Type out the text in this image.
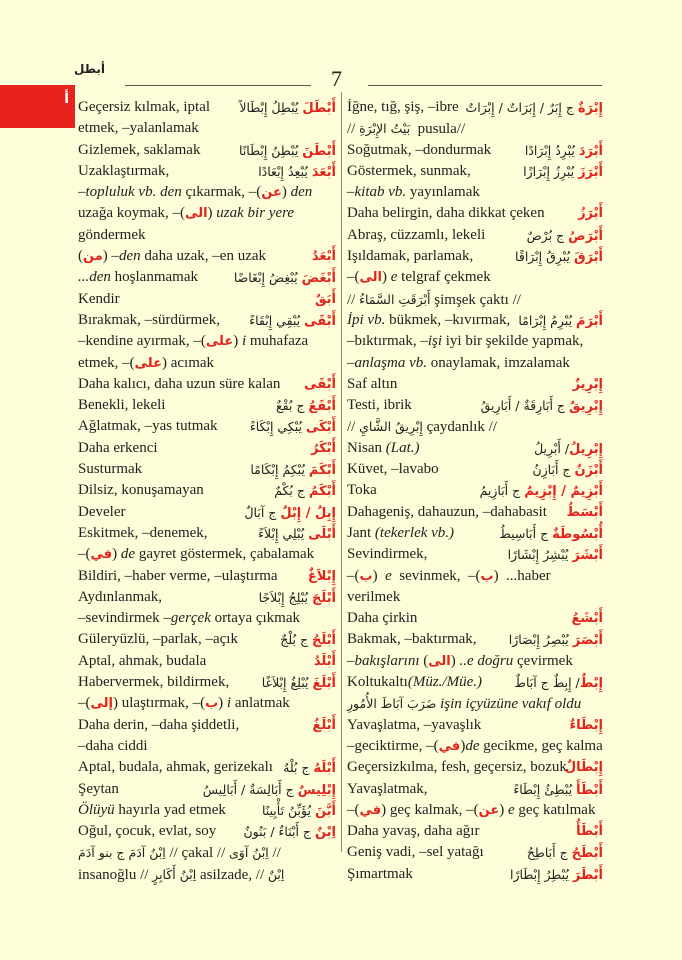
أبطل	7
أ Geçersiz kılmak, iptal	أَبْطَلَ يُبْطِلُ إِبْطَالاً
etmek, –yalanlamak
Gizlemek, saklamak	أَبْطَنَ يُبْطِنُ إِبْطَانًا
Uzaklaştırmak,	أَبْعَدَ يُبْعِدُ إِبْعَادًا
–topluluk vb. den çıkarmak, –(عن) den
uzağa koymak, –(الى) uzak bir yere
göndermek
(من) –den daha uzak, –en uzak	أَبْعَدُ
...den hoşlanmamak	أَبْغَضَ يُبْغِضُ إِبْغَاضًا
Kendir	أَبَقٌ
Bırakmak, –sürdürmek,	أَبْقَى يُبْقِي إِبْقَاءً
–kendine ayırmak, –(على) i muhafaza
etmek, –(على) acımak
Daha kalıcı, daha uzun süre kalan أَبْقَى
Benekli, lekeli	أَبْقَعُ ج بُقْعٌ
Ağlatmak, –yas tutmak	أَبْكَى يُبْكِي إِبْكَاءً
Daha erkenci	أَبْكَرُ
Susturmak	أَبْكَمَ يُبْكِمُ إِبْكَامًا
Dilsiz, konuşamayan	أَبْكَمُ ج بُكْمٌ
Develer	إِبِلٌ / إِبْلٌ ج آبَالٌ
Eskitmek, –denemek,	أَبْلَى يُبْلِي إِبْلاَءً
–(في) de gayret göstermek, çabalamak
Bildiri, –haber verme, –ulaştırma إِبْلاَغٌ
Aydınlanmak,	أَبْلَجَ يُبْلِجُ إِبْلاَجًا
–sevindirmek –gerçek ortaya çıkmak
Güleryüzlü, –parlak, –açık	أَبْلَجُ ج بُلْجٌ
Aptal, ahmak, budala	أَبْلَدُ
Habervermek, bildirmek,	أَبْلَغَ يُبْلِغُ إِبْلاَغًا
–(إلى) ulaştırmak, –(ب) i anlatmak
Daha derin, –daha şiddetli,	أَبْلَغُ
–daha ciddi
Aptal, budala, ahmak, gerizekalı	أَبْلَهُ ج بُلْهٌ
Şeytan	إِبْلِيسٌ ج أَبَالِسَةٌ / أَبَالِيسُ
Ölüyü hayırla yad etmek	أَبَّنَ يُؤَبِّنُ تَأْبِينًا
Oğul, çocuk, evlat, soy	اِبْنٌ ج أَبْنَاءٌ / بَنُونٌ
اِبْنُ آدَمَ ج بنو آدَمَ // çakal // اِبْنُ آوَى //
insanoğlu // اِبْنُ أَكَابِرٍ asilzade, // اِبْنٌ
İğne, tığ, şiş, –ibre	إِبْرَةٌ ج إِبَرٌ / إِبَرَاتٌ / إِبْرَاتٌ
// بَيْتُ الإِبْرَةِ  pusula//
Soğutmak, –dondurmak	أَبْرَدَ يُبْرِدُ إِبْرَادًا
Göstermek, sunmak,	أَبْرَزَ يُبْرِزُ إِبْرَازًا
–kitab vb. yayınlamak
Daha belirgin, daha dikkat çeken	أَبْرَزُ
Abraş, cüzzamlı, lekeli	أَبْرَصُ ج بُرْصٌ
Işıldamak, parlamak,	أَبْرَقَ يُبْرِقُ إِبْرَاقًا
–(الى) e telgraf çekmek
// أَبْرَقَتِ السَّمَاءُ şimşek çaktı //
İpi vb. bükmek, –kıvırmak,	أَبْرَمَ يُبْرِمُ إِبْرَامًا
–bıktırmak, –işi iyi bir şekilde yapmak,
–anlaşma vb. onaylamak, imzalamak
Saf altın	إِبْرِيزٌ
Testi, ibrik	إِبْرِيقٌ ج أَبَارِقَةٌ / أَبَارِيقُ
// إِبْرِيقُ الشَّايِ çaydanlık //
Nisan (Lat.)	إِبْرِيلُ/ أَبْرِيلُ
Küvet, –lavabo	أَبْزَنٌ ج أَبَازِنُ
Toka	أَبْزِيمٌ / إِبْزِيمٌ ج أَبَازِيمُ
Dahageniş, dahauzun, –dahabasit أَبْسَطُ
Jant (tekerlek vb.)	أُبْسُوطَةٌ ج أَبَاسِيطُ
Sevindirmek,	أَبْشَرَ يُبْشِرُ إِبْشَارًا
–(ب)  e  sevinmek,  –(ب)  ...haber
verilmek
Daha çirkin	أَبْشَعُ
Bakmak, –baktırmak,	أَبْصَرَ يُبْصِرُ إِبْصَارًا
–bakışlarını (الى) ..e doğru çevirmek
Koltukaltı(Müz./Müe.)	إِبْطٌ/ إِبِطٌ ج آبَاطٌ
ضَرَبَ آبَاطَ الأُمُورِ işin içyüzüne vakıf oldu
Yavaşlatma, –yavaşlık	إِبْطَاءٌ
–geciktirme, –(في)de gecikme, geç kalma
Geçersizkılma, fesh, geçersiz, bozuk
إِبْطَالٌ
Yavaşlatmak,	أَبْطَأَ يُبْطِئُ إِبْطَاءً
–(في) geç kalmak, –(عن) e geç katılmak
Daha yavaş, daha ağır	أَبْطَأُ
Geniş vadi, –sel yatağı	أَبْطَحُ ج أَبَاطِحُ
Şımartmak	أَبْطَرَ يُبْطِرُ إِبْطَارًا
